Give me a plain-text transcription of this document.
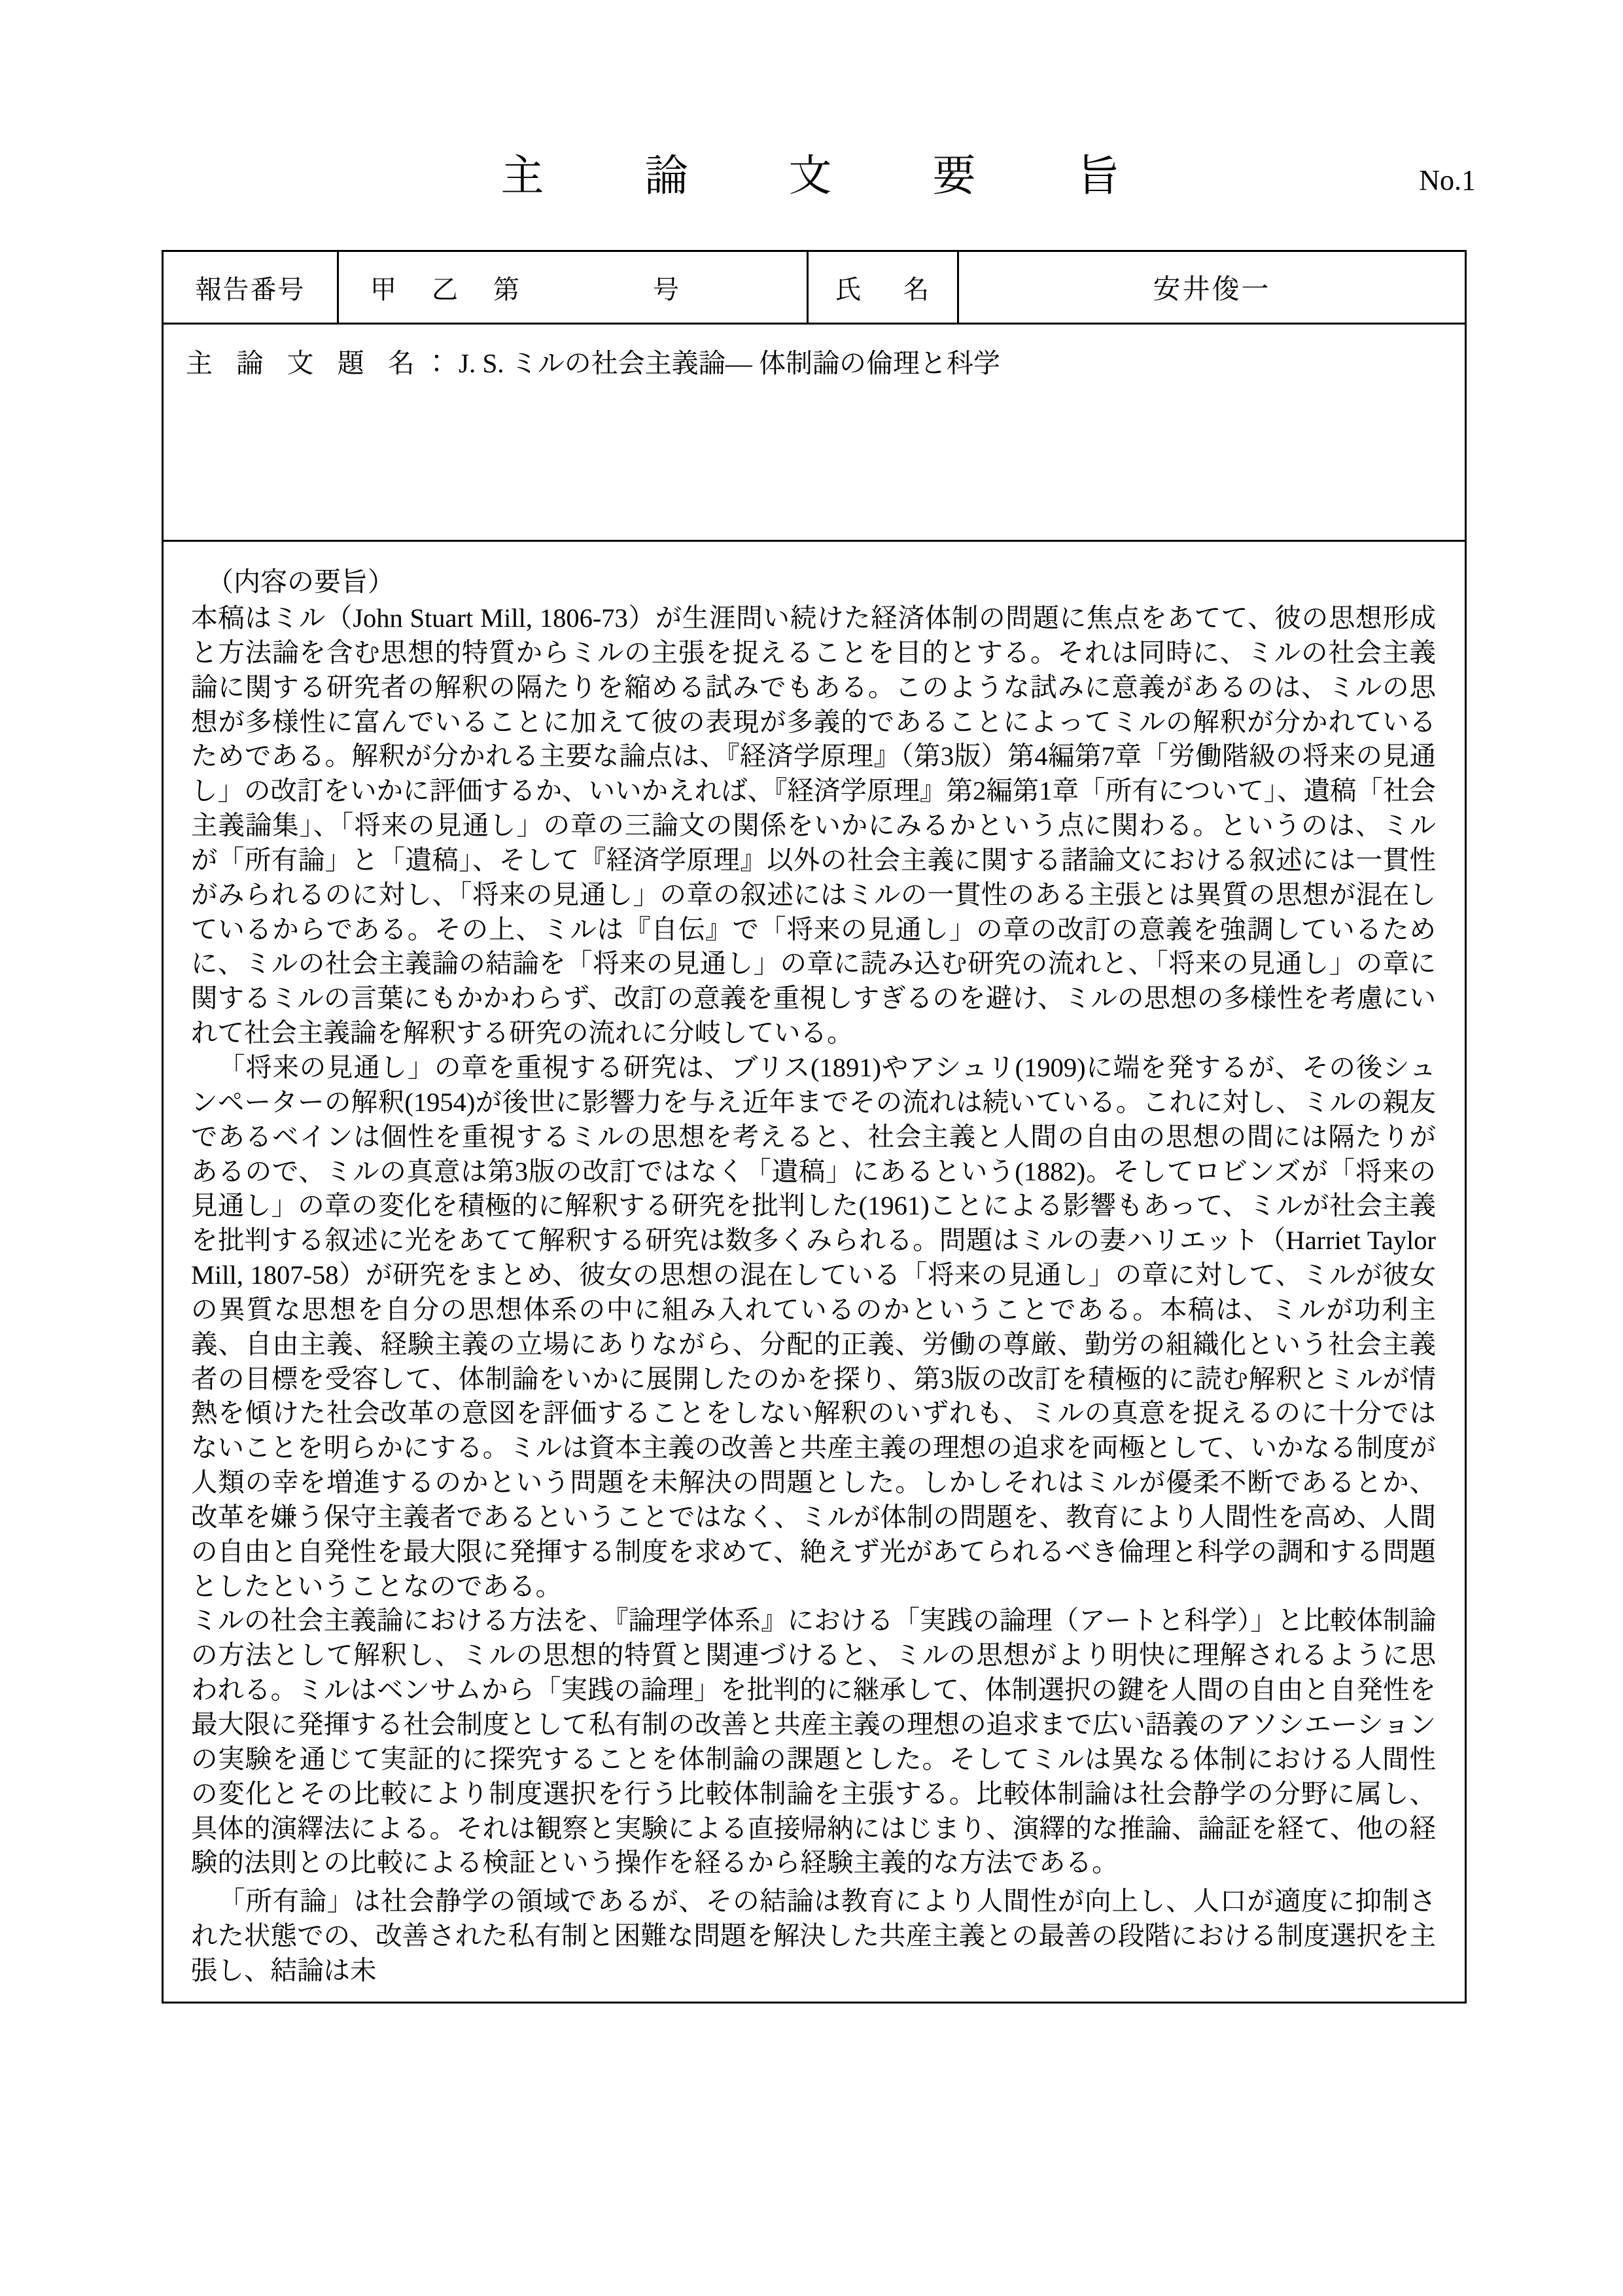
主　論　文　要　旨	No.1
報告番号	甲 乙 第	号	氏　名	安井俊一
主 論 文 題 名：J. S. ミルの社会主義論― 体制論の倫理と科学
（内容の要旨）

本稿はミル（John Stuart Mill, 1806-73）が生涯問い続けた経済体制の問題に焦点をあてて、彼の思想形成と方法論を含む思想的特質からミルの主張を捉えることを目的とする。それは同時に、ミルの社会主義論に関する研究者の解釈の隔たりを縮める試みでもある。このような試みに意義があるのは、ミルの思想が多様性に富んでいることに加えて彼の表現が多義的であることによってミルの解釈が分かれているためである。解釈が分かれる主要な論点は、『経済学原理』（第3版）第4編第7章「労働階級の将来の見通し」の改訂をいかに評価するか、いいかえれば、『経済学原理』第2編第1章「所有について」、遺稿「社会主義論集」、「将来の見通し」の章の三論文の関係をいかにみるかという点に関わる。というのは、ミルが「所有論」と「遺稿」、そして『経済学原理』以外の社会主義に関する諸論文における叙述には一貫性がみられるのに対し、「将来の見通し」の章の叙述にはミルの一貫性のある主張とは異質の思想が混在しているからである。その上、ミルは『自伝』で「将来の見通し」の章の改訂の意義を強調しているために、ミルの社会主義論の結論を「将来の見通し」の章に読み込む研究の流れと、「将来の見通し」の章に関するミルの言葉にもかかわらず、改訂の意義を重視しすぎるのを避け、ミルの思想の多様性を考慮にいれて社会主義論を解釈する研究の流れに分岐している。

「将来の見通し」の章を重視する研究は、ブリス(1891)やアシュリ(1909)に端を発するが、その後シュンペーターの解釈(1954)が後世に影響力を与え近年までその流れは続いている。これに対し、ミルの親友であるベインは個性を重視するミルの思想を考えると、社会主義と人間の自由の思想の間には隔たりがあるので、ミルの真意は第3版の改訂ではなく「遺稿」にあるという(1882)。そしてロビンズが「将来の見通し」の章の変化を積極的に解釈する研究を批判した(1961)ことによる影響もあって、ミルが社会主義を批判する叙述に光をあてて解釈する研究は数多くみられる。問題はミルの妻ハリエット（Harriet Taylor Mill, 1807-58）が研究をまとめ、彼女の思想の混在している「将来の見通し」の章に対して、ミルが彼女の異質な思想を自分の思想体系の中に組み入れているのかということである。本稿は、ミルが功利主義、自由主義、経験主義の立場にありながら、分配的正義、労働の尊厳、勤労の組織化という社会主義者の目標を受容して、体制論をいかに展開したのかを探り、第3版の改訂を積極的に読む解釈とミルが情熱を傾けた社会改革の意図を評価することをしない解釈のいずれも、ミルの真意を捉えるのに十分ではないことを明らかにする。ミルは資本主義の改善と共産主義の理想の追求を両極として、いかなる制度が人類の幸を増進するのかという問題を未解決の問題とした。しかしそれはミルが優柔不断であるとか、改革を嫌う保守主義者であるということではなく、ミルが体制の問題を、教育により人間性を高め、人間の自由と自発性を最大限に発揮する制度を求めて、絶えず光があてられるべき倫理と科学の調和する問題としたということなのである。

ミルの社会主義論における方法を、『論理学体系』における「実践の論理（アートと科学）」と比較体制論の方法として解釈し、ミルの思想的特質と関連づけると、ミルの思想がより明快に理解されるように思われる。ミルはベンサムから「実践の論理」を批判的に継承して、体制選択の鍵を人間の自由と自発性を最大限に発揮する社会制度として私有制の改善と共産主義の理想の追求まで広い語義のアソシエーションの実験を通じて実証的に探究することを体制論の課題とした。そしてミルは異なる体制における人間性の変化とその比較により制度選択を行う比較体制論を主張する。比較体制論は社会静学の分野に属し、具体的演繹法による。それは観察と実験による直接帰納にはじまり、演繹的な推論、論証を経て、他の経験的法則との比較による検証という操作を経るから経験主義的な方法である。

「所有論」は社会静学の領域であるが、その結論は教育により人間性が向上し、人口が適度に抑制された状態での、改善された私有制と困難な問題を解決した共産主義との最善の段階における制度選択を主張し、結論は未
